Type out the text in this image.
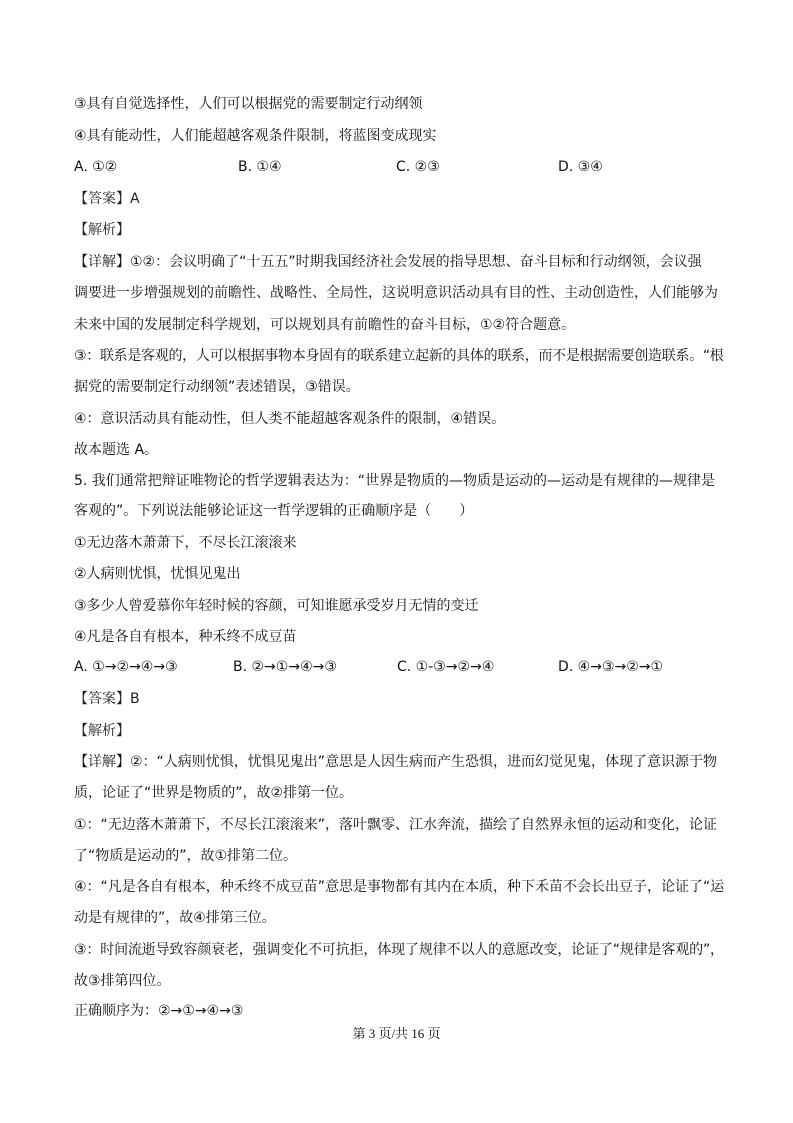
③具有自觉选择性，人们可以根据党的需要制定行动纲领
④具有能动性，人们能超越客观条件限制，将蓝图变成现实
A. ①②	B. ①④	C. ②③	D. ③④
【答案】A
【解析】
【详解】①②：会议明确了“十五五”时期我国经济社会发展的指导思想、奋斗目标和行动纲领，会议强
调要进一步增强规划的前瞻性、战略性、全局性，这说明意识活动具有目的性、主动创造性，人们能够为
未来中国的发展制定科学规划，可以规划具有前瞻性的奋斗目标，①②符合题意。
③：联系是客观的，人可以根据事物本身固有的联系建立起新的具体的联系，而不是根据需要创造联系。“根
据党的需要制定行动纲领”表述错误，③错误。
④：意识活动具有能动性，但人类不能超越客观条件的限制，④错误。
故本题选 A。
5. 我们通常把辩证唯物论的哲学逻辑表达为：“世界是物质的—物质是运动的—运动是有规律的—规律是
客观的”。下列说法能够论证这一哲学逻辑的正确顺序是（　　）
①无边落木萧萧下，不尽长江滚滚来
②人病则忧惧，忧惧见鬼出
③多少人曾爱慕你年轻时候的容颜，可知谁愿承受岁月无情的变迁
④凡是各自有根本，种禾终不成豆苗
A. ①→②→④→③	B. ②→①→④→③	C. ①-③→②→④	D. ④→③→②→①
【答案】B
【解析】
【详解】②：“人病则忧惧，忧惧见鬼出”意思是人因生病而产生恐惧，进而幻觉见鬼，体现了意识源于物
质，论证了“世界是物质的”，故②排第一位。
①：“无边落木萧萧下，不尽长江滚滚来”，落叶飘零、江水奔流，描绘了自然界永恒的运动和变化，论证
了“物质是运动的”，故①排第二位。
④：“凡是各自有根本，种禾终不成豆苗”意思是事物都有其内在本质，种下禾苗不会长出豆子，论证了“运
动是有规律的”，故④排第三位。
③：时间流逝导致容颜衰老，强调变化不可抗拒，体现了规律不以人的意愿改变，论证了“规律是客观的”，
故③排第四位。
正确顺序为：②→①→④→③
第 3 页/共 16 页
